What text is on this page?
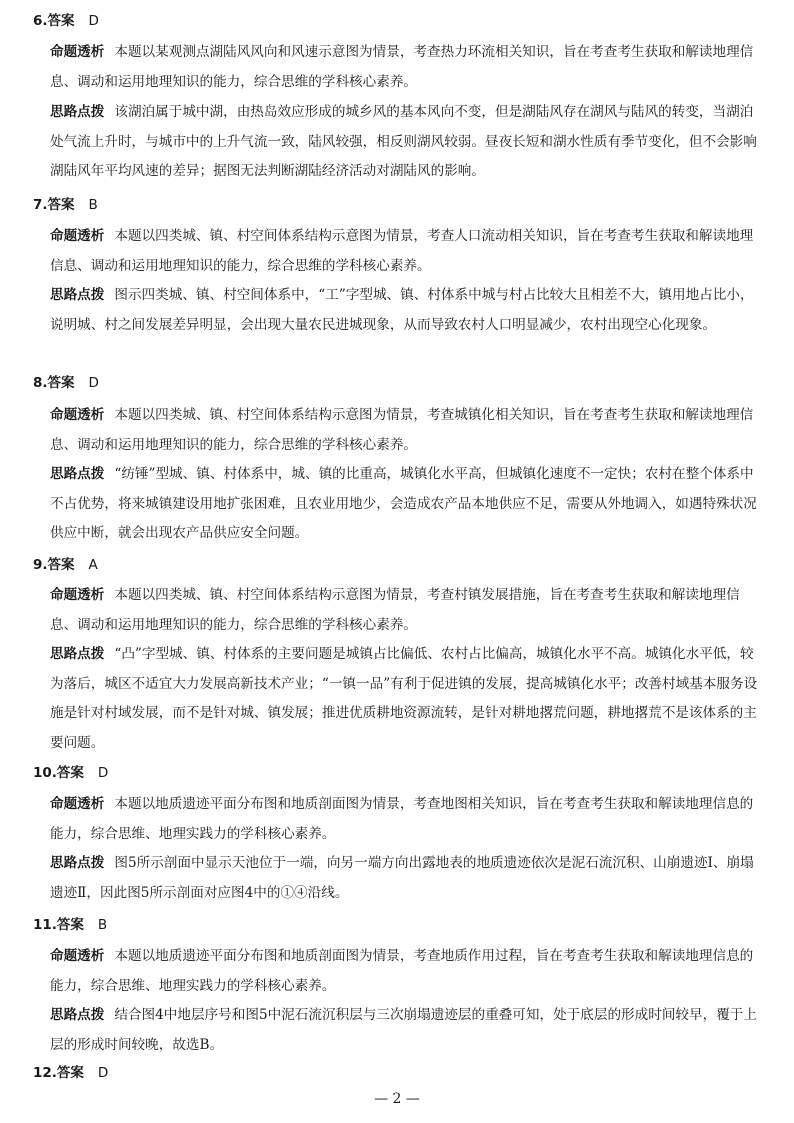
6.答案 D
命题透析 本题以某观测点湖陆风风向和风速示意图为情景，考查热力环流相关知识，旨在考查考生获取和解读地理信息、调动和运用地理知识的能力，综合思维的学科核心素养。
思路点拨 该湖泊属于城中湖，由热岛效应形成的城乡风的基本风向不变，但是湖陆风存在湖风与陆风的转变，当湖泊处气流上升时，与城市中的上升气流一致，陆风较强，相反则湖风较弱。昼夜长短和湖水性质有季节变化，但不会影响湖陆风年平均风速的差异；据图无法判断湖陆经济活动对湖陆风的影响。
7.答案 B
命题透析 本题以四类城、镇、村空间体系结构示意图为情景，考查人口流动相关知识，旨在考查考生获取和解读地理信息、调动和运用地理知识的能力，综合思维的学科核心素养。
思路点拨 图示四类城、镇、村空间体系中，“工”字型城、镇、村体系中城与村占比较大且相差不大，镇用地占比小，说明城、村之间发展差异明显，会出现大量农民进城现象，从而导致农村人口明显减少，农村出现空心化现象。
8.答案 D
命题透析 本题以四类城、镇、村空间体系结构示意图为情景，考查城镇化相关知识，旨在考查考生获取和解读地理信息、调动和运用地理知识的能力，综合思维的学科核心素养。
思路点拨 “纺锤”型城、镇、村体系中，城、镇的比重高，城镇化水平高，但城镇化速度不一定快；农村在整个体系中不占优势，将来城镇建设用地扩张困难，且农业用地少，会造成农产品本地供应不足，需要从外地调入，如遇特殊状况供应中断，就会出现农产品供应安全问题。
9.答案 A
命题透析 本题以四类城、镇、村空间体系结构示意图为情景，考查村镇发展措施，旨在考查考生获取和解读地理信息、调动和运用地理知识的能力，综合思维的学科核心素养。
思路点拨 “凸”字型城、镇、村体系的主要问题是城镇占比偏低、农村占比偏高，城镇化水平不高。城镇化水平低，较为落后，城区不适宜大力发展高新技术产业；“一镇一品”有利于促进镇的发展，提高城镇化水平；改善村域基本服务设施是针对村域发展，而不是针对城、镇发展；推进优质耕地资源流转，是针对耕地撂荒问题，耕地撂荒不是该体系的主要问题。
10.答案 D
命题透析 本题以地质遗迹平面分布图和地质剖面图为情景，考查地图相关知识，旨在考查考生获取和解读地理信息的能力，综合思维、地理实践力的学科核心素养。
思路点拨 图5所示剖面中显示天池位于一端，向另一端方向出露地表的地质遗迹依次是泥石流沉积、山崩遗迹Ⅰ、崩塌遗迹Ⅱ，因此图5所示剖面对应图4中的①④沿线。
11.答案 B
命题透析 本题以地质遗迹平面分布图和地质剖面图为情景，考查地质作用过程，旨在考查考生获取和解读地理信息的能力，综合思维、地理实践力的学科核心素养。
思路点拨 结合图4中地层序号和图5中泥石流沉积层与三次崩塌遗迹层的重叠可知，处于底层的形成时间较早，覆于上层的形成时间较晚，故选B。
12.答案 D
— 2 —
